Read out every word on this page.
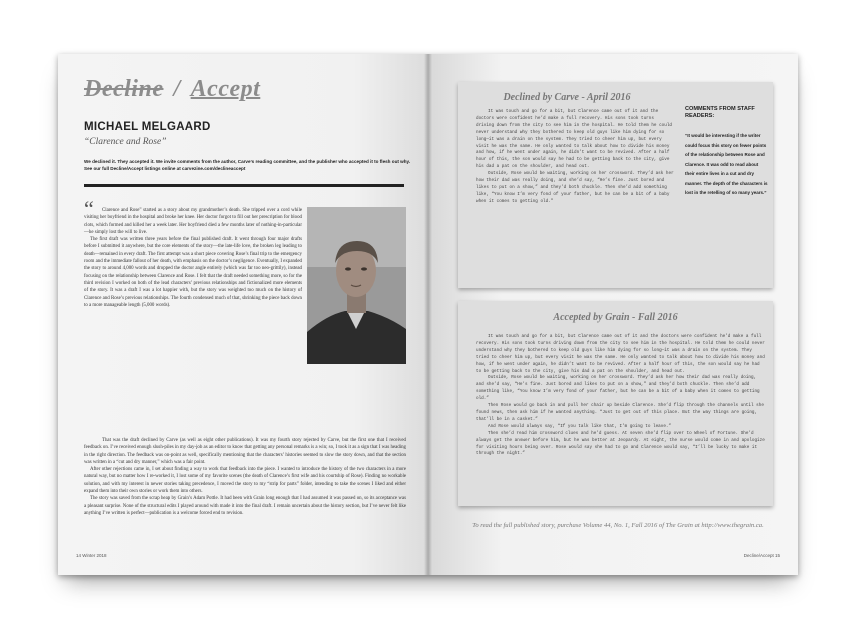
Decline / Accept
MICHAEL MELGAARD
“Clarence and Rose”
We declined it. They accepted it. We invite comments from the author, Carve’s reading committee, and the publisher who accepted it to flesh out why. See our full Decline/Accept listings online at carvezine.com/declineaccept
“	Clarence and Rose” started as a story about my grandmother’s death. She tripped over a cord while visiting her boyfriend in the hospital and broke her knee. Her doctor forgot to fill out her prescription for blood clots, which formed and killed her a week later. Her boyfriend died a few months later of nothing-in-particular—he simply lost the will to live.

The first draft was written three years before the final published draft. It went through four major drafts before I submitted it anywhere, but the core elements of the story—the late-life love, the broken leg leading to death—remained in every draft. The first attempt was a short piece covering Rose’s final trip to the emergency room and the immediate fallout of her death, with emphasis on the doctor’s negligence. Eventually, I expanded the story to around 4,000 words and dropped the doctor angle entirely (which was far too neo-grittily), instead focusing on the relationship between Clarence and Rose. I felt that the draft needed something more, so for the third revision I worked on both of the lead characters’ previous relationships and fictionalized more elements of the story. It was a draft I was a lot happier with, but the story was weighted too much on the history of Clarence and Rose’s previous relationships. The fourth condensed much of that, shrinking the piece back down to a more manageable length (5,000 words).

That was the draft declined by Carve (as well as eight other publications). It was my fourth story rejected by Carve, but the first one that I received feedback on. I’ve received enough slush-piles in my day-job as an editor to know that getting any personal remarks is a win; so, I took it as a sign that I was heading in the right direction. The feedback was on-point as well, specifically mentioning that the characters’ histories seemed to slow the story down, and that the section was written in a “cut and dry manner,” which was a fair point.

After other rejections came in, I set about finding a way to work that feedback into the piece. I wanted to introduce the history of the two characters in a more natural way, but no matter how I re-worked it, I lost some of my favorite scenes (the death of Clarence’s first wife and his courtship of Rose). Finding no workable solution, and with my interest in newer stories taking precedence, I moved the story to my “strip for parts” folder, intending to take the scenes I liked and either expand them into their own stories or work them into others.

The story was saved from the scrap heap by Grain’s Adam Pottle. It had been with Grain long enough that I had assumed it was passed on, so its acceptance was a pleasant surprise. None of the structural edits I played around with made it into the final draft. I remain uncertain about the history section, but I’ve never felt like anything I’ve written is perfect—publication is a welcome forced end to revision.

14 Winter 2018
Declined by Carve - April 2016

It was touch and go for a bit, but Clarence came out of it and the doctors were confident he’d make a full recovery. His sons took turns driving down from the city to see him in the hospital. He told them he could never understand why they bothered to keep old guys like him dying for so long—it was a drain on the system. They tried to cheer him up, but every visit he was the same. He only wanted to talk about how to divide his money and how, if he went under again, he didn’t want to be revived. After a half hour of this, the son would say he had to be getting back to the city, give his dad a pat on the shoulder, and head out.

Outside, Rose would be waiting, working on her crossword. They’d ask her how their dad was really doing, and she’d say, “He’s fine. Just bored and likes to put on a show,” and they’d both chuckle. Then she’d add something like, “You know I’m very fond of your father, but he can be a bit of a baby when it comes to getting old.”

COMMENTS FROM STAFF READERS:
“It would be interesting if the writer could focus this story on fewer points of the relationship between Rose and Clarence. It was odd to read about their entire lives in a cut and dry manner. The depth of the characters is lost in the retelling of so many years.”
Accepted by Grain - Fall 2016

It was touch and go for a bit, but Clarence came out of it and the doctors were confident he’d make a full recovery. His sons took turns driving down from the city to see him in the hospital. He told them he could never understand why they bothered to keep old guys like him dying for so long—it was a drain on the system. They tried to cheer him up, but every visit he was the same. He only wanted to talk about how to divide his money and how, if he went under again, he didn’t want to be revived. After a half hour of this, the son would say he had to be getting back to the city, give his dad a pat on the shoulder, and head out.

Outside, Rose would be waiting, working on her crossword. They’d ask her how their dad was really doing, and she’d say, “He’s fine. Just bored and likes to put on a show,” and they’d both chuckle. Then she’d add something like, “You know I’m very fond of your father, but he can be a bit of a baby when it comes to getting old.”

Then Rose would go back in and pull her chair up beside Clarence. She’d flip through the channels until she found news, then ask him if he wanted anything. “Just to get out of this place. But the way things are going, that’ll be in a casket.”

And Rose would always say, “If you talk like that, I’m going to leave.”

Then she’d read him crossword clues and he’d guess. At seven she’d flip over to Wheel of Fortune. She’d always get the answer before him, but he was better at Jeopardy. At eight, the nurse would come in and apologize for visiting hours being over. Rose would say she had to go and Clarence would say, “I’ll be lucky to make it through the night.”

To read the full published story, purchase Volume 44, No. 1, Fall 2016 of The Grain at http://www.thegrain.ca.
Decline/Accept 15
